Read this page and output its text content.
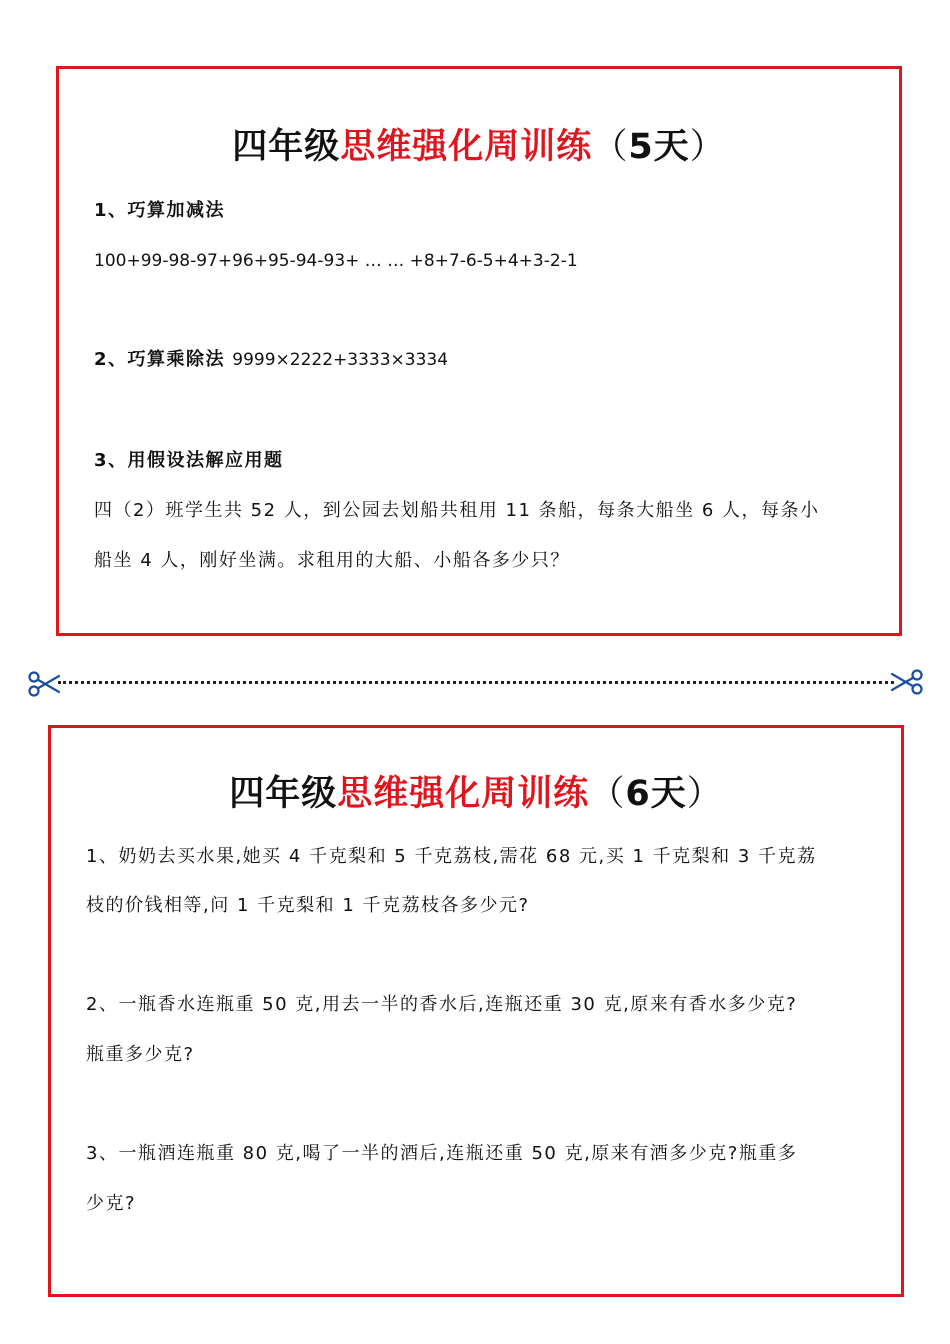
四年级思维强化周训练（5天）
1、巧算加减法
100+99-98-97+96+95-94-93+ … … +8+7-6-5+4+3-2-1
2、巧算乘除法 9999×2222+3333×3334
3、用假设法解应用题
四（2）班学生共 52 人，到公园去划船共租用 11 条船，每条大船坐 6 人，每条小
船坐 4 人，刚好坐满。求租用的大船、小船各多少只？
四年级思维强化周训练（6天）
1、奶奶去买水果,她买 4 千克梨和 5 千克荔枝,需花 68 元,买 1 千克梨和 3 千克荔
枝的价钱相等,问 1 千克梨和 1 千克荔枝各多少元?
2、一瓶香水连瓶重 50 克,用去一半的香水后,连瓶还重 30 克,原来有香水多少克?
瓶重多少克?
3、一瓶酒连瓶重 80 克,喝了一半的酒后,连瓶还重 50 克,原来有酒多少克?瓶重多
少克?
